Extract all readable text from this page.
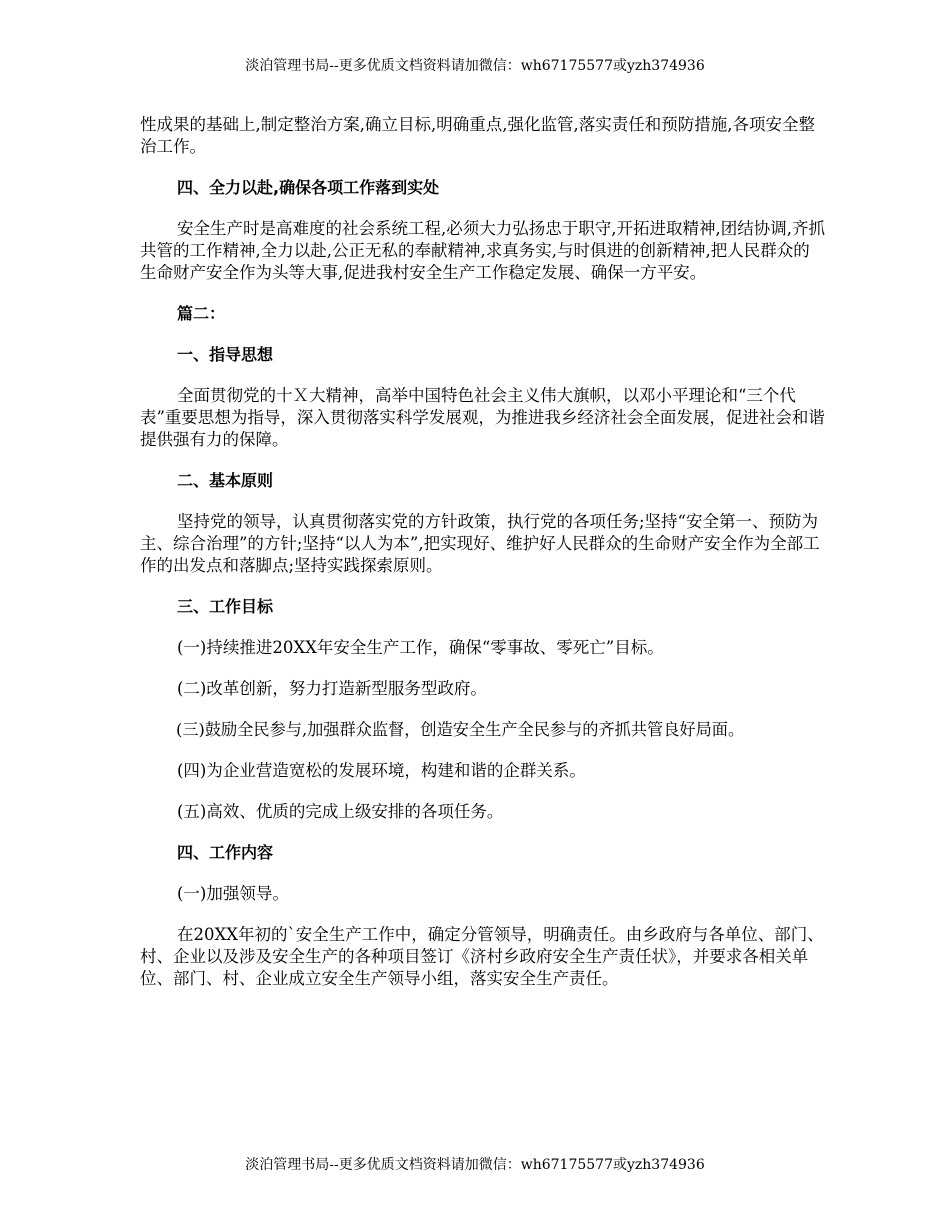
淡泊管理书局--更多优质文档资料请加微信：wh67175577或yzh374936

性成果的基础上,制定整治方案,确立目标,明确重点,强化监管,落实责任和预防措施,各项安全整治工作。

四、全力以赴,确保各项工作落到实处

安全生产时是高难度的社会系统工程,必须大力弘扬忠于职守,开拓进取精神,团结协调,齐抓共管的工作精神,全力以赴,公正无私的奉献精神,求真务实,与时俱进的创新精神,把人民群众的生命财产安全作为头等大事,促进我村安全生产工作稳定发展、确保一方平安。

篇二：
一、指导思想

全面贯彻党的十Ｘ大精神，高举中国特色社会主义伟大旗帜，以邓小平理论和“三个代表”重要思想为指导，深入贯彻落实科学发展观，为推进我乡经济社会全面发展，促进社会和谐提供强有力的保障。

二、基本原则

坚持党的领导，认真贯彻落实党的方针政策，执行党的各项任务;坚持“安全第一、预防为主、综合治理”的方针;坚持“以人为本”,把实现好、维护好人民群众的生命财产安全作为全部工作的出发点和落脚点;坚持实践探索原则。

三、工作目标
(一)持续推进20XX年安全生产工作，确保“零事故、零死亡”目标。
(二)改革创新，努力打造新型服务型政府。
(三)鼓励全民参与,加强群众监督，创造安全生产全民参与的齐抓共管良好局面。
(四)为企业营造宽松的发展环境，构建和谐的企群关系。
(五)高效、优质的完成上级安排的各项任务。
四、工作内容
(一)加强领导。

在20XX年初的`安全生产工作中，确定分管领导，明确责任。由乡政府与各单位、部门、村、企业以及涉及安全生产的各种项目签订《济村乡政府安全生产责任状》，并要求各相关单位、部门、村、企业成立安全生产领导小组，落实安全生产责任。

淡泊管理书局--更多优质文档资料请加微信：wh67175577或yzh374936
